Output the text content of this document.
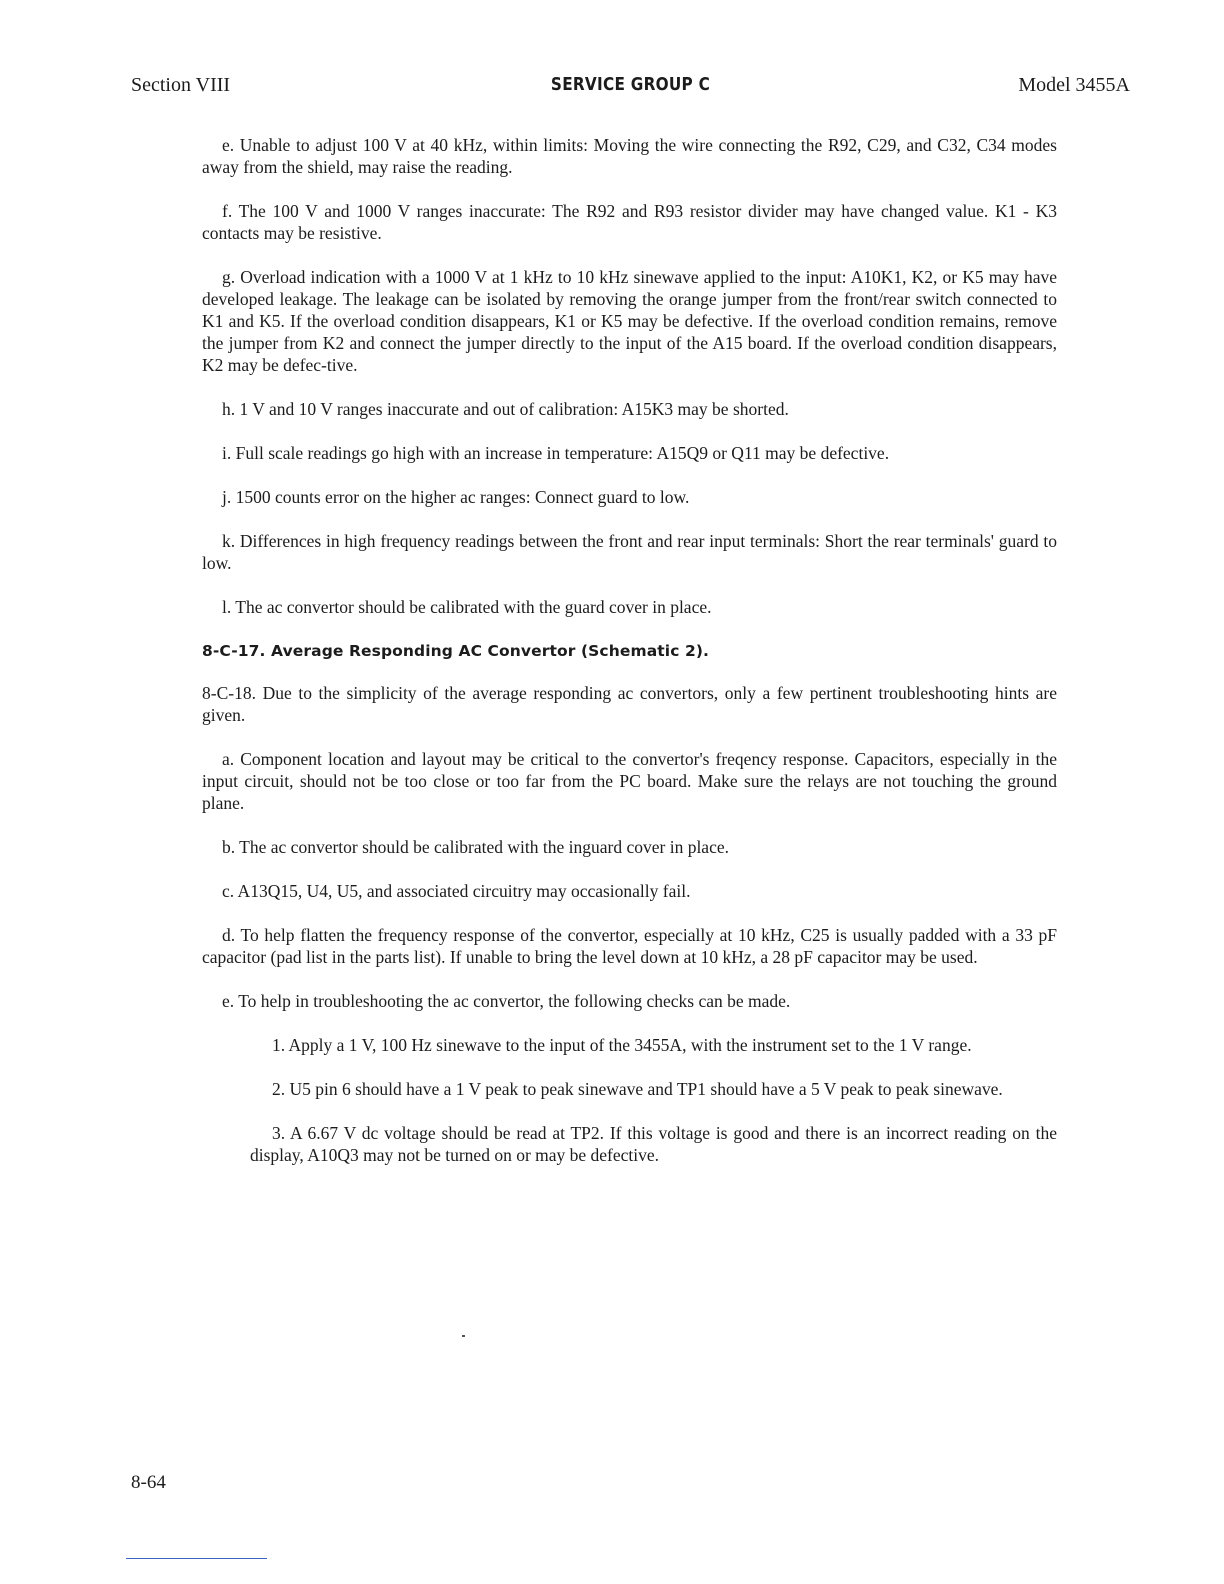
Section VIII	SERVICE GROUP C	Model 3455A

e. Unable to adjust 100 V at 40 kHz, within limits: Moving the wire connecting the R92, C29, and C32, C34 modes away from the shield, may raise the reading.

f. The 100 V and 1000 V ranges inaccurate: The R92 and R93 resistor divider may have changed value. K1 - K3 contacts may be resistive.

g. Overload indication with a 1000 V at 1 kHz to 10 kHz sinewave applied to the input: A10K1, K2, or K5 may have developed leakage. The leakage can be isolated by removing the orange jumper from the front/rear switch connected to K1 and K5. If the overload condition disappears, K1 or K5 may be defective. If the overload condition remains, remove the jumper from K2 and connect the jumper directly to the input of the A15 board. If the overload condition disappears, K2 may be defec-tive.

h. 1 V and 10 V ranges inaccurate and out of calibration: A15K3 may be shorted.

i. Full scale readings go high with an increase in temperature: A15Q9 or Q11 may be defective.

j. 1500 counts error on the higher ac ranges: Connect guard to low.

k. Differences in high frequency readings between the front and rear input terminals: Short the rear terminals' guard to low.

l. The ac convertor should be calibrated with the guard cover in place.

8-C-17. Average Responding AC Convertor (Schematic 2).

8-C-18. Due to the simplicity of the average responding ac convertors, only a few pertinent troubleshooting hints are given.

a. Component location and layout may be critical to the convertor's freqency response. Capacitors, especially in the input circuit, should not be too close or too far from the PC board. Make sure the relays are not touching the ground plane.

b. The ac convertor should be calibrated with the inguard cover in place.

c. A13Q15, U4, U5, and associated circuitry may occasionally fail.

d. To help flatten the frequency response of the convertor, especially at 10 kHz, C25 is usually padded with a 33 pF capacitor (pad list in the parts list). If unable to bring the level down at 10 kHz, a 28 pF capacitor may be used.

e. To help in troubleshooting the ac convertor, the following checks can be made.

1. Apply a 1 V, 100 Hz sinewave to the input of the 3455A, with the instrument set to the 1 V range.

2. U5 pin 6 should have a 1 V peak to peak sinewave and TP1 should have a 5 V peak to peak sinewave.

3. A 6.67 V dc voltage should be read at TP2. If this voltage is good and there is an incorrect reading on the display, A10Q3 may not be turned on or may be defective.

8-64
